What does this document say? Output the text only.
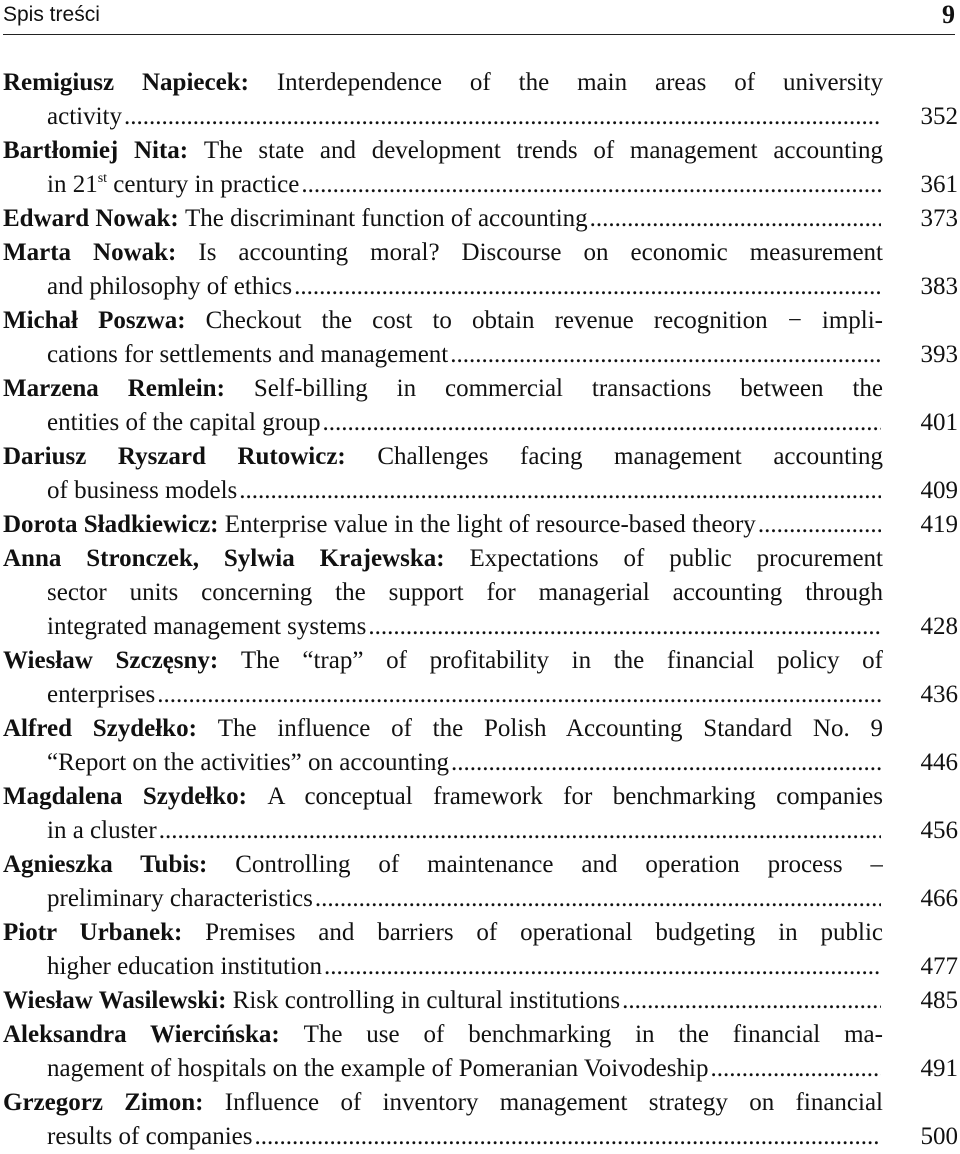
Spis treści	9
Remigiusz Napiecek: Interdependence of the main areas of university
activity .....	352
Bartłomiej Nita: The state and development trends of management accounting
in 21st century in practice .....	361
Edward Nowak: The discriminant function of accounting .....	373
Marta Nowak: Is accounting moral? Discourse on economic measurement
and philosophy of ethics .....	383
Michał Poszwa: Checkout the cost to obtain revenue recognition − impli-
cations for settlements and management .....	393
Marzena Remlein: Self-billing in commercial transactions between the
entities of the capital group .....	401
Dariusz Ryszard Rutowicz: Challenges facing management accounting
of business models .....	409
Dorota Sładkiewicz: Enterprise value in the light of resource-based theory .....	419
Anna Stronczek, Sylwia Krajewska: Expectations of public procurement
sector units concerning the support for managerial accounting through
integrated management systems .....	428
Wiesław Szczęsny: The “trap” of profitability in the financial policy of
enterprises .....	436
Alfred Szydełko: The influence of the Polish Accounting Standard No. 9
“Report on the activities” on accounting .....	446
Magdalena Szydełko: A conceptual framework for benchmarking companies
in a cluster .....	456
Agnieszka Tubis: Controlling of maintenance and operation process –
preliminary characteristics .....	466
Piotr Urbanek: Premises and barriers of operational budgeting in public
higher education institution .....	477
Wiesław Wasilewski: Risk controlling in cultural institutions .....	485
Aleksandra Wiercińska: The use of benchmarking in the financial ma-
nagement of hospitals on the example of Pomeranian Voivodeship .....	491
Grzegorz Zimon: Influence of inventory management strategy on financial
results of companies .....	500
